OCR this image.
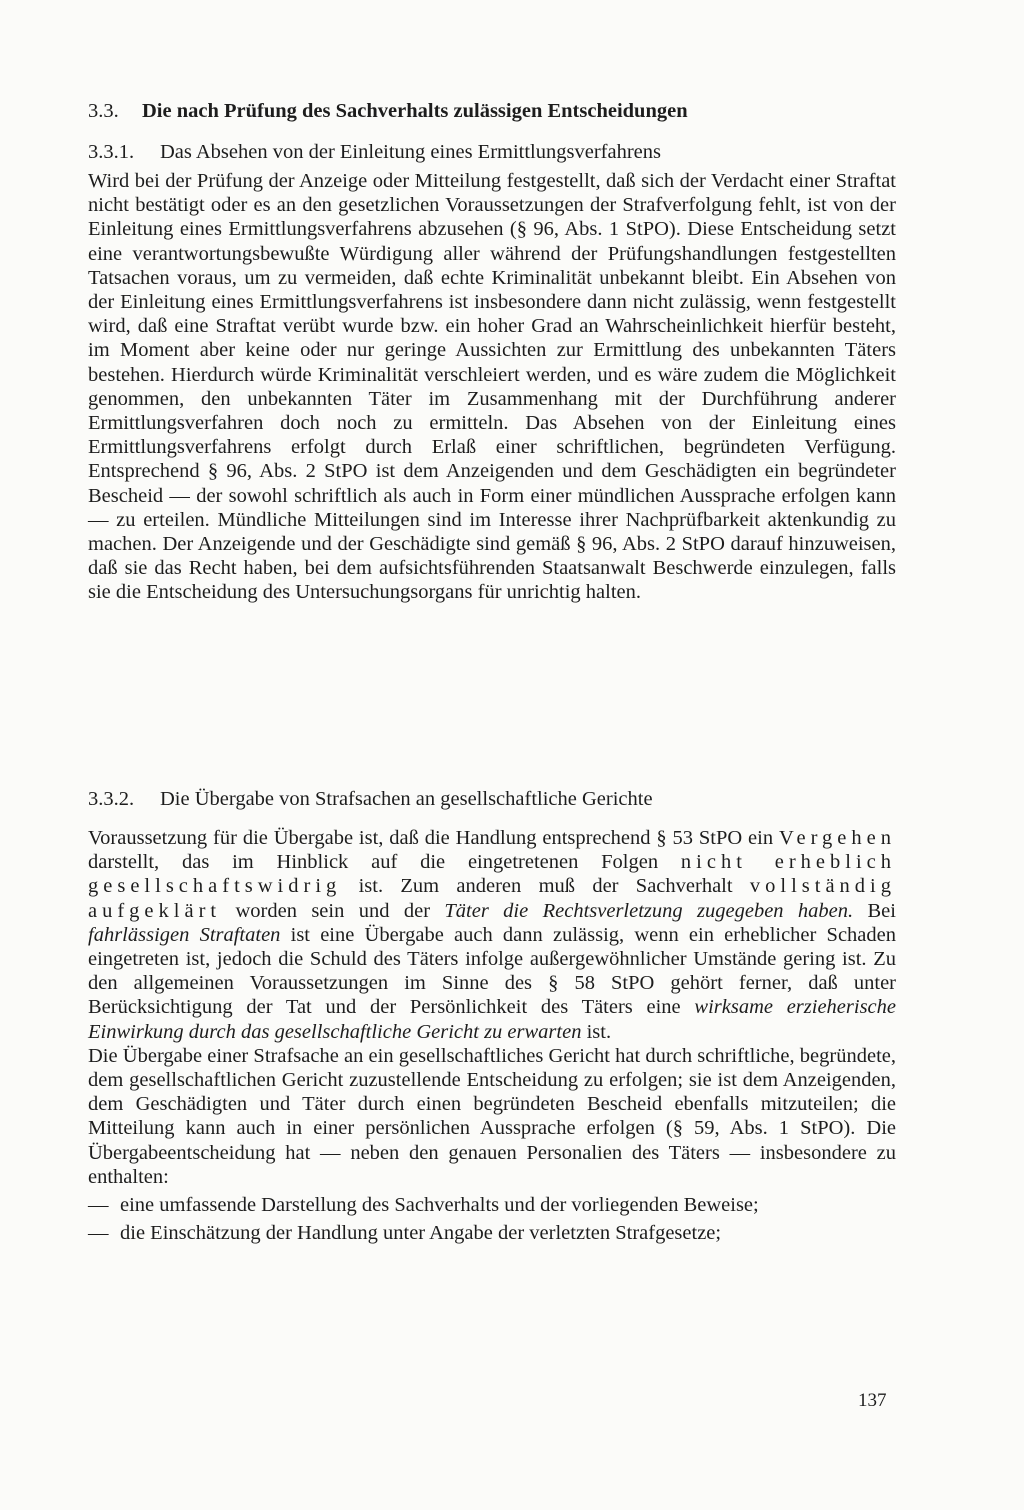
3.3. Die nach Prüfung des Sachverhalts zulässigen Entscheidungen
3.3.1. Das Absehen von der Einleitung eines Ermittlungsverfahrens

Wird bei der Prüfung der Anzeige oder Mitteilung festgestellt, daß sich der Verdacht einer Straftat nicht bestätigt oder es an den gesetzlichen Voraussetzungen der Strafverfolgung fehlt, ist von der Einleitung eines Ermittlungsverfahrens abzusehen (§ 96, Abs. 1 StPO). Diese Entscheidung setzt eine verantwortungsbewußte Würdigung aller während der Prüfungshandlungen festgestellten Tatsachen voraus, um zu vermeiden, daß echte Kriminalität unbekannt bleibt. Ein Absehen von der Einleitung eines Ermittlungsverfahrens ist insbesondere dann nicht zulässig, wenn festgestellt wird, daß eine Straftat verübt wurde bzw. ein hoher Grad an Wahrscheinlichkeit hierfür besteht, im Moment aber keine oder nur geringe Aussichten zur Ermittlung des unbekannten Täters bestehen. Hierdurch würde Kriminalität verschleiert werden, und es wäre zudem die Möglichkeit genommen, den unbekannten Täter im Zusammenhang mit der Durchführung anderer Ermittlungsverfahren doch noch zu ermitteln. Das Absehen von der Einleitung eines Ermittlungsverfahrens erfolgt durch Erlaß einer schriftlichen, begründeten Verfügung. Entsprechend § 96, Abs. 2 StPO ist dem Anzeigenden und dem Geschädigten ein begründeter Bescheid — der sowohl schriftlich als auch in Form einer mündlichen Aussprache erfolgen kann — zu erteilen. Mündliche Mitteilungen sind im Interesse ihrer Nachprüfbarkeit aktenkundig zu machen. Der Anzeigende und der Geschädigte sind gemäß § 96, Abs. 2 StPO darauf hinzuweisen, daß sie das Recht haben, bei dem aufsichtsführenden Staatsanwalt Beschwerde einzulegen, falls sie die Entscheidung des Untersuchungsorgans für unrichtig halten.

3.3.2. Die Übergabe von Strafsachen an gesellschaftliche Gerichte

Voraussetzung für die Übergabe ist, daß die Handlung entsprechend § 53 StPO ein Vergehen darstellt, das im Hinblick auf die eingetretenen Folgen nicht erheblich gesellschaftswidrig ist. Zum anderen muß der Sachverhalt vollständig aufgeklärt worden sein und der Täter die Rechtsverletzung zugegeben haben. Bei fahrlässigen Straftaten ist eine Übergabe auch dann zulässig, wenn ein erheblicher Schaden eingetreten ist, jedoch die Schuld des Täters infolge außergewöhnlicher Umstände gering ist. Zu den allgemeinen Voraussetzungen im Sinne des § 58 StPO gehört ferner, daß unter Berücksichtigung der Tat und der Persönlichkeit des Täters eine wirksame erzieherische Einwirkung durch das gesellschaftliche Gericht zu erwarten ist.

Die Übergabe einer Strafsache an ein gesellschaftliches Gericht hat durch schriftliche, begründete, dem gesellschaftlichen Gericht zuzustellende Entscheidung zu erfolgen; sie ist dem Anzeigenden, dem Geschädigten und Täter durch einen begründeten Bescheid ebenfalls mitzuteilen; die Mitteilung kann auch in einer persönlichen Aussprache erfolgen (§ 59, Abs. 1 StPO). Die Übergabeentscheidung hat — neben den genauen Personalien des Täters — insbesondere zu enthalten:

— eine umfassende Darstellung des Sachverhalts und der vorliegenden Beweise;
— die Einschätzung der Handlung unter Angabe der verletzten Strafgesetze;
137
